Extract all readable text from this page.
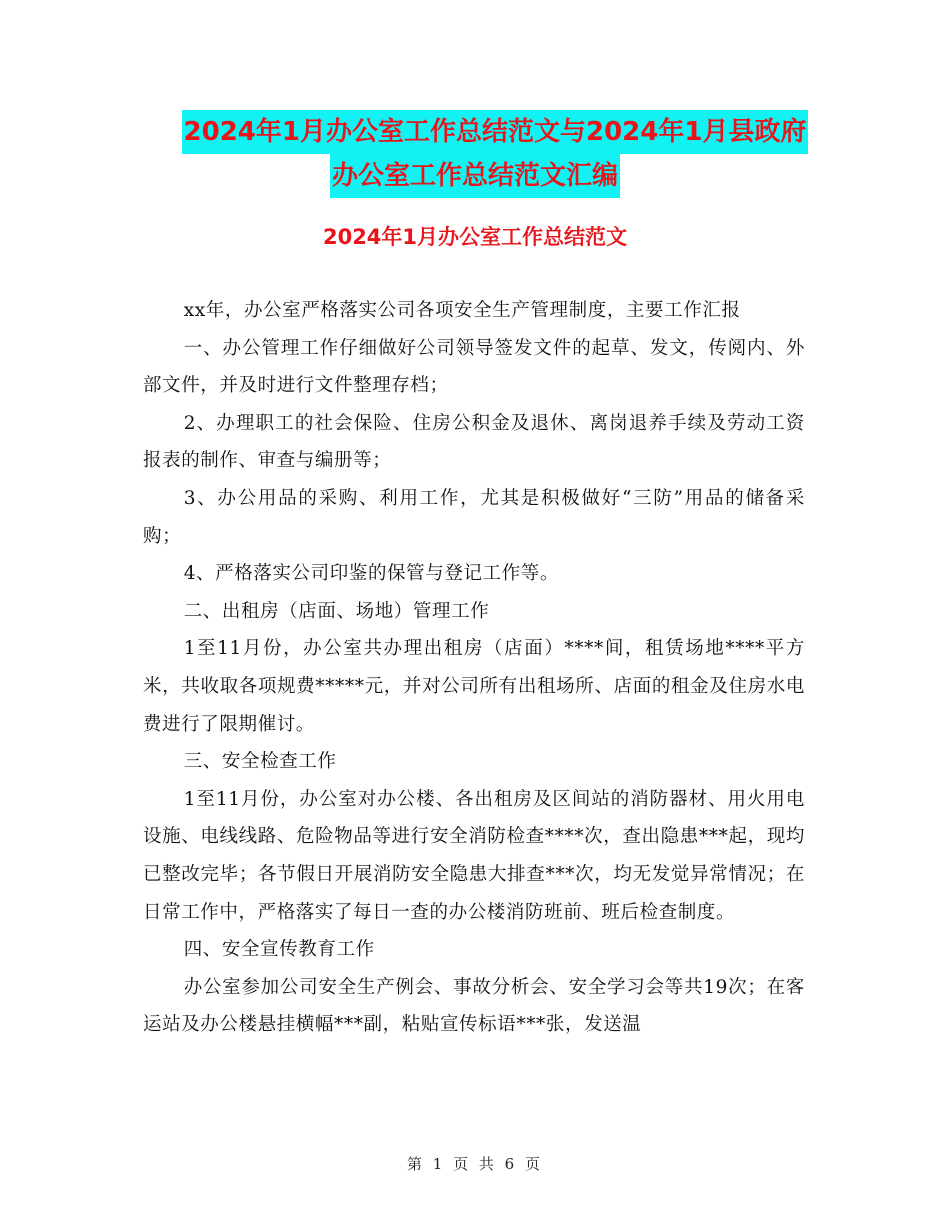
2024年1月办公室工作总结范文与2024年1月县政府
办公室工作总结范文汇编
2024年1月办公室工作总结范文

xx年，办公室严格落实公司各项安全生产管理制度，主要工作汇报

一、办公管理工作仔细做好公司领导签发文件的起草、发文，传阅内、外部文件，并及时进行文件整理存档；

2、办理职工的社会保险、住房公积金及退休、离岗退养手续及劳动工资报表的制作、审查与编册等；

3、办公用品的采购、利用工作，尤其是积极做好“三防”用品的储备采购；

4、严格落实公司印鉴的保管与登记工作等。

二、出租房（店面、场地）管理工作

1至11月份，办公室共办理出租房（店面）****间，租赁场地****平方米，共收取各项规费*****元，并对公司所有出租场所、店面的租金及住房水电费进行了限期催讨。

三、安全检查工作

1至11月份，办公室对办公楼、各出租房及区间站的消防器材、用火用电设施、电线线路、危险物品等进行安全消防检查****次，查出隐患***起，现均已整改完毕；各节假日开展消防安全隐患大排查***次，均无发觉异常情况；在日常工作中，严格落实了每日一查的办公楼消防班前、班后检查制度。

四、安全宣传教育工作

办公室参加公司安全生产例会、事故分析会、安全学习会等共19次；在客运站及办公楼悬挂横幅***副，粘贴宣传标语***张，发送温

第 1 页 共 6 页
